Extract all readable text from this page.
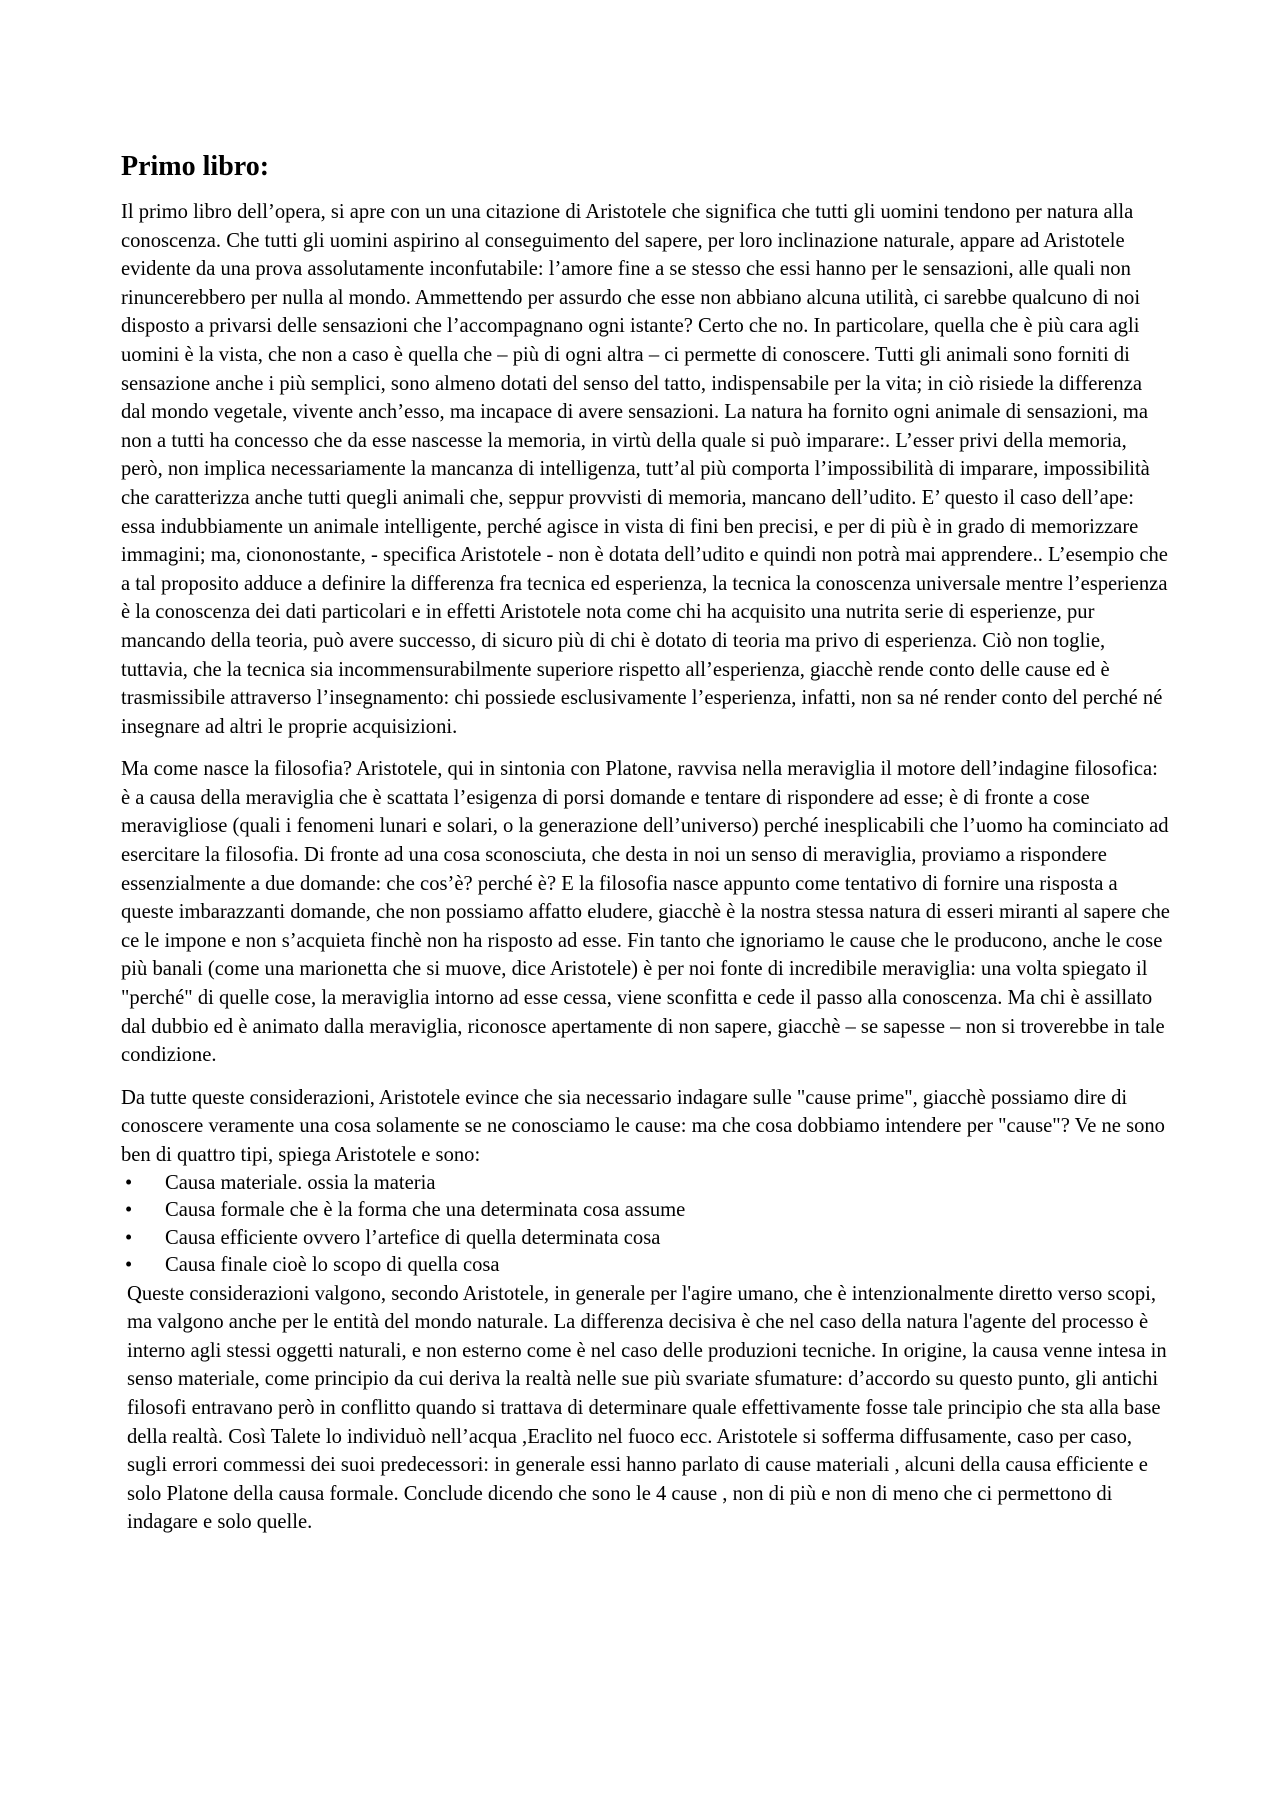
Primo libro:

Il primo libro dell’opera, si apre con un una citazione di Aristotele che significa che tutti gli uomini tendono per natura alla conoscenza. Che tutti gli uomini aspirino al conseguimento del sapere, per loro inclinazione naturale, appare ad Aristotele evidente da una prova assolutamente inconfutabile: l’amore fine a se stesso che essi hanno per le sensazioni, alle quali non rinuncerebbero per nulla al mondo. Ammettendo per assurdo che esse non abbiano alcuna utilità, ci sarebbe qualcuno di noi disposto a privarsi delle sensazioni che l’accompagnano ogni istante? Certo che no. In particolare, quella che è più cara agli uomini è la vista, che non a caso è quella che – più di ogni altra – ci permette di conoscere. Tutti gli animali sono forniti di sensazione anche i più semplici, sono almeno dotati del senso del tatto, indispensabile per la vita; in ciò risiede la differenza dal mondo vegetale, vivente anch’esso, ma incapace di avere sensazioni. La natura ha fornito ogni animale di sensazioni, ma non a tutti ha concesso che da esse nascesse la memoria, in virtù della quale si può imparare:. L’esser privi della memoria, però, non implica necessariamente la mancanza di intelligenza, tutt’al più comporta l’impossibilità di imparare, impossibilità che caratterizza anche tutti quegli animali che, seppur provvisti di memoria, mancano dell’udito. E’ questo il caso dell’ape: essa indubbiamente un animale intelligente, perché agisce in vista di fini ben precisi, e per di più è in grado di memorizzare immagini; ma, ciononostante, - specifica Aristotele - non è dotata dell’udito e quindi non potrà mai apprendere.. L’esempio che a tal proposito adduce a definire la differenza fra tecnica ed esperienza, la tecnica la conoscenza universale mentre l’esperienza è la conoscenza dei dati particolari e in effetti Aristotele nota come chi ha acquisito una nutrita serie di esperienze, pur mancando della teoria, può avere successo, di sicuro più di chi è dotato di teoria ma privo di esperienza. Ciò non toglie, tuttavia, che la tecnica sia incommensurabilmente superiore rispetto all’esperienza, giacchè rende conto delle cause ed è trasmissibile attraverso l’insegnamento: chi possiede esclusivamente l’esperienza, infatti, non sa né render conto del perché né insegnare ad altri le proprie acquisizioni.

Ma come nasce la filosofia? Aristotele, qui in sintonia con Platone, ravvisa nella meraviglia il motore dell’indagine filosofica: è a causa della meraviglia che è scattata l’esigenza di porsi domande e tentare di rispondere ad esse; è di fronte a cose meravigliose (quali i fenomeni lunari e solari, o la generazione dell’universo) perché inesplicabili che l’uomo ha cominciato ad esercitare la filosofia. Di fronte ad una cosa sconosciuta, che desta in noi un senso di meraviglia, proviamo a rispondere essenzialmente a due domande: che cos’è? perché è? E la filosofia nasce appunto come tentativo di fornire una risposta a queste imbarazzanti domande, che non possiamo affatto eludere, giacchè è la nostra stessa natura di esseri miranti al sapere che ce le impone e non s’acquieta finchè non ha risposto ad esse. Fin tanto che ignoriamo le cause che le producono, anche le cose più banali (come una marionetta che si muove, dice Aristotele) è per noi fonte di incredibile meraviglia: una volta spiegato il "perché" di quelle cose, la meraviglia intorno ad esse cessa, viene sconfitta e cede il passo alla conoscenza. Ma chi è assillato dal dubbio ed è animato dalla meraviglia, riconosce apertamente di non sapere, giacchè – se sapesse – non si troverebbe in tale condizione.

Da tutte queste considerazioni, Aristotele evince che sia necessario indagare sulle "cause prime", giacchè possiamo dire di conoscere veramente una cosa solamente se ne conosciamo le cause: ma che cosa dobbiamo intendere per "cause"? Ve ne sono ben di quattro tipi, spiega Aristotele e sono:

• Causa materiale. ossia la materia
• Causa formale che è la forma che una determinata cosa assume
• Causa efficiente ovvero l’artefice di quella determinata cosa
• Causa finale cioè lo scopo di quella cosa

Queste considerazioni valgono, secondo Aristotele, in generale per l'agire umano, che è intenzionalmente diretto verso scopi, ma valgono anche per le entità del mondo naturale. La differenza decisiva è che nel caso della natura l'agente del processo è interno agli stessi oggetti naturali, e non esterno come è nel caso delle produzioni tecniche. In origine, la causa venne intesa in senso materiale, come principio da cui deriva la realtà nelle sue più svariate sfumature: d’accordo su questo punto, gli antichi filosofi entravano però in conflitto quando si trattava di determinare quale effettivamente fosse tale principio che sta alla base della realtà. Così Talete lo individuò nell’acqua ,Eraclito nel fuoco ecc. Aristotele si sofferma diffusamente, caso per caso, sugli errori commessi dei suoi predecessori: in generale essi hanno parlato di cause materiali , alcuni della causa efficiente e solo Platone della causa formale. Conclude dicendo che sono le 4 cause , non di più e non di meno che ci permettono di indagare e solo quelle.
